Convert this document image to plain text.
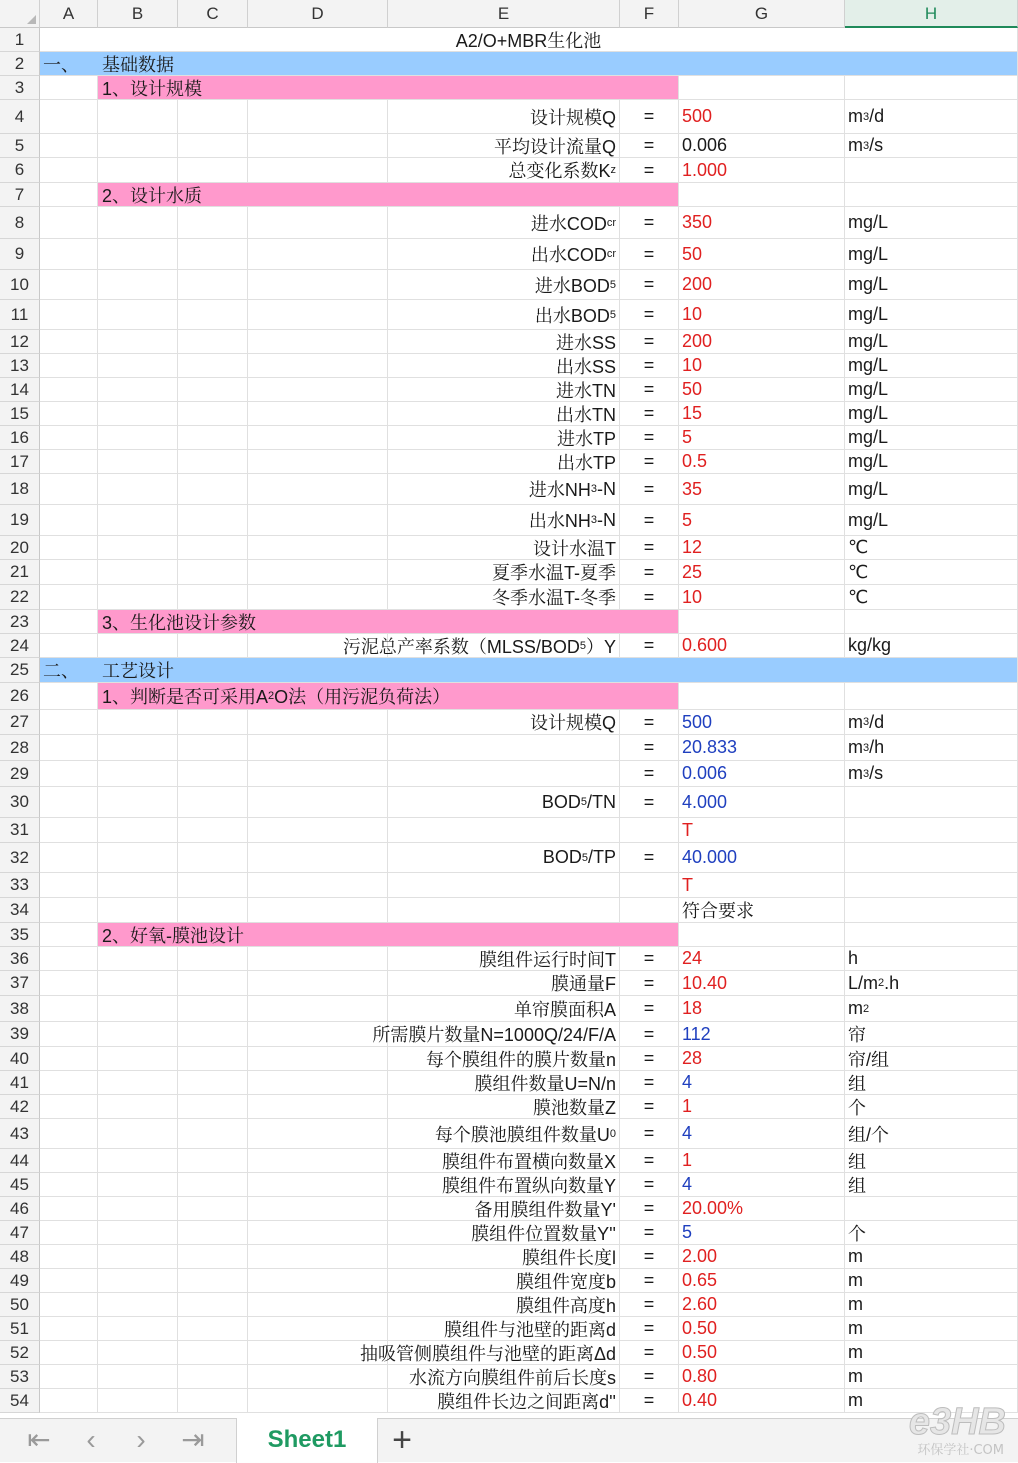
A	B	C	D	E	F	G	H
1	A2/O+MBR生化池
2	一、	基础数据
3	1、设计规模
4	设计规模Q	=	500	m 3 /d
5	平均设计流量Q	=	0.006	m 3 /s
6	总变化系数K z	=	1.000
7	2、设计水质
8	进水COD cr	=	350	mg/L
9	出水COD cr	=	50	mg/L
10	进水BOD 5	=	200	mg/L
11	出水BOD 5	=	10	mg/L
12	进水SS	=	200	mg/L
13	出水SS	=	10	mg/L
14	进水TN	=	50	mg/L
15	出水TN	=	15	mg/L
16	进水TP	=	5	mg/L
17	出水TP	=	0.5	mg/L
18	进水NH 3 -N	=	35	mg/L
19	出水NH 3 -N	=	5	mg/L
20	设计水温T	=	12	℃
21	夏季水温T-夏季	=	25	℃
22	冬季水温T-冬季	=	10	℃
23	3、生化池设计参数
24	污泥总产率系数（MLSS/BOD 5 ）Y	=	0.600	kg/kg
25 二、	工艺设计
26	1、判断是否可采用A 2 O法（用污泥负荷法）
27	设计规模Q	=	500	m 3 /d
28	=	20.833	m 3 /h
29	=	0.006	m 3 /s
30	BOD 5 /TN	=	4.000
31	T
32	BOD 5 /TP	=	40.000
33	T
34	符合要求
35	2、好氧-膜池设计
36	膜组件运行时间T	=	24	h
37	膜通量F	=	10.40	L/m 2 .h
38	单帘膜面积A	=	18	m 2
39	所需膜片数量N=1000Q/24/F/A	=	112	帘
40	每个膜组件的膜片数量n	=	28	帘/组
41	膜组件数量U=N/n	=	4	组
42	膜池数量Z	=	1	个
43	每个膜池膜组件数量U 0	=	4	组/个
44	膜组件布置横向数量X	=	1	组
45	膜组件布置纵向数量Y	=	4	组
46	备用膜组件数量Y'	=	20.00%
47	膜组件位置数量Y''	=	5	个
48	膜组件长度l	=	2.00	m
49	膜组件宽度b	=	0.65	m
50	膜组件高度h	=	2.60	m
51	膜组件与池壁的距离d	=	0.50	m
52	抽吸管侧膜组件与池壁的距离Δd	=	0.50	m
53	水流方向膜组件前后长度s	=	0.80	m
54	膜组件长边之间距离d''	=	0.40	m
⇤	‹	›	⇥	Sheet1	+	e3HB
环保学社·COM
